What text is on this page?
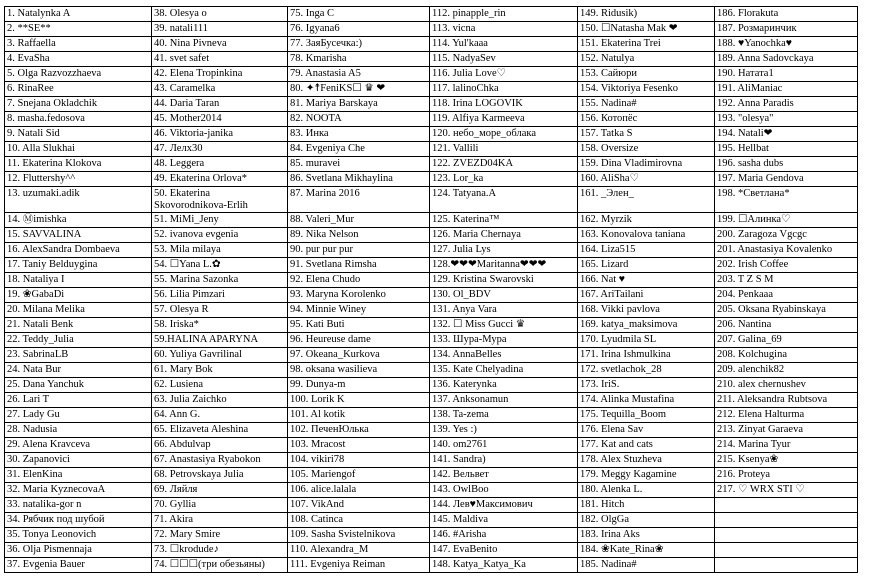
1. Natalynka A
2. **SE**
3. Raffaella
4. EvaSha
5. Olga Razvozzhaeva
6. RinaRee
7. Snejana Okladchik
8. masha.fedosova
9. Natali Sid
10. Alla Slukhai
11. Ekaterina Klokova
12. Fluttershy^^
13. uzumaki.adik
14. Ⓜimishka
15. SAVVALINA
16. AlexSandra Dombaeva
17. Taniy Belduygina
18. Nataliya I
19. ❀GabaDi
20. Milana Melika
21. Natali Benk
22. Teddy_Julia
23. SabrinaLB
24. Nata Bur
25. Dana Yanchuk
26. Lari T
27. Lady Gu
28. Nadusia
29. Alena Kravceva
30. Zapanovici
31. ElenKina
32. Maria KyznecovaA
33. natalika-gor n
34. Рябчик под шубой
35. Tonya Leonovich
36. Olja Pismennaja
37. Evgenia Bauer
38. Olesya o
39. natali111
40. Nina Pivneva
41. svet safet
42. Elena Tropinkina
43. Caramelka
44. Daria Taran
45. Mother2014
46. Viktoria-janika
47. Лелх30
48. Leggera
49. Ekaterina Orlova*
50. Ekaterina Skovorodnikova-Erlih
51. MiMi_Jeny
52. ivanova evgenia
53. Mila milaya
54. ☐Yana L.✿
55. Marina Sazonka
56. Lilia Pimzari
57. Olesya R
58. Iriska*
59.HALINA APARYNA
60. Yuliya Gavrilinal
61. Mary Bok
62. Lusiena
63. Julia Zaichko
64. Ann G.
65. Elizaveta Aleshina
66. Abdulvap
67. Anastasiya Ryabokon
68. Petrovskaya Julia
69. Ляйля
70. Gyllia
71. Akira
72. Mary Smire
73. ☐krodude♪
74. ☐☐☐(три обезьяны)
75. Inga C
76. Igyana6
77. ЗаяБусечка:)
78. Kmarisha
79. Anastasia A5
80. ✦☨FeniKS☐ ♛ ❤
81. Mariya Barskaya
82. NOOTA
83. Инка
84. Evgeniya Che
85. muravei
86. Svetlana Mikhaylina
87. Marina 2016
88. Valeri_Mur
89. Nika Nelson
90. pur pur pur
91. Svetlana Rimsha
92. Elena Chudo
93. Maryna Korolenko
94. Minnie Winey
95. Kati Buti
96. Heureuse dame
97. Okeana_Kurkova
98. oksana wasilieva
99. Dunya-m
100. Lorik K
101. Al kotik
102. ПеченЮлька
103. Mracost
104. vikiri78
105. Mariengof
106. alice.lalala
107. VikAnd
108. Catinca
109. Sasha Svistelnikova
110. Alexandra_M
111. Evgeniya Reiman
112. pinapple_rin
113. vicna
114. Yul'kaaa
115. NadyaSev
116. Julia Love♡
117. lalinoChka
118. Irina LOGOVIK
119. Alfiya Karmeeva
120. небо_море_облака
121. Vallili
122. ZVEZD04KA
123. Lor_ka
124. Tatyana.A
125. Katerina™
126. Maria Chernaya
127. Julia Lys
128.❤❤❤Maritanna❤❤❤
129. Kristina Swarovski
130. Ol_BDV
131. Anya Vara
132. ☐ Miss Gucci ♛
133. Шура-Мура
134. AnnaBelles
135. Kate Chelyadina
136. Katerynka
137. Anksonamun
138. Ta-zema
139. Yes :)
140. om2761
141. Sandra)
142. Вельвет
143. OwlBoo
144. Лев♥Максимович
145. Maldiva
146. #Arisha
147. EvaBenito
148. Katya_Katya_Ka
149. Ridusik)
150. ☐Natasha Mak ❤
151. Ekaterina Trei
152. Natulya
153. Сайюри
154. Viktoriya Fesenko
155. Nadina#
156. Котопёс
157. Tatka S
158. Oversize
159. Dina Vladimirovna
160. AliSha♡
161. _Элен_
162. Myrzik
163. Konovalova taniana
164. Liza515
165. Lizard
166. Nat ♥
167. AriTailani
168. Vikki pavlova
169. katya_maksimova
170. Lyudmila SL
171. Irina Ishmulkina
172. svetlachok_28
173. IriS.
174. Alinka Mustafina
175. Tequilla_Boom
176. Elena Sav
177. Kat and cats
178. Alex Stuzheva
179. Meggy Kagamine
180. Alenka L.
181. Hitch
182. OlgGa
183. Irina Aks
184. ❀Kate_Rina❀
185. Nadina#
186. Florakuta
187. Розмаринчик
188. ♥Yanochka♥
189. Anna Sadovckaya
190. Натата1
191. AliManiac
192. Anna Paradis
193. "olesya"
194. Natali❤
195. Hellbat
196. sasha dubs
197. Maria Gendova
198. *Светлана*
199. ☐Алинка♡
200. Zaragoza Vgcgc
201. Anastasiya Kovalenko
202. Irish Coffee
203. T Z S M
204. Penkaaa
205. Oksana Ryabinskaya
206. Nantina
207. Galina_69
208. Kolchugina
209. alenchik82
210. alex chernushev
211. Aleksandra Rubtsova
212. Elena Halturma
213. Zinyat Garaeva
214. Marina Tyur
215. Ksenya❀
216. Proteya
217. ♡ WRX STI ♡
